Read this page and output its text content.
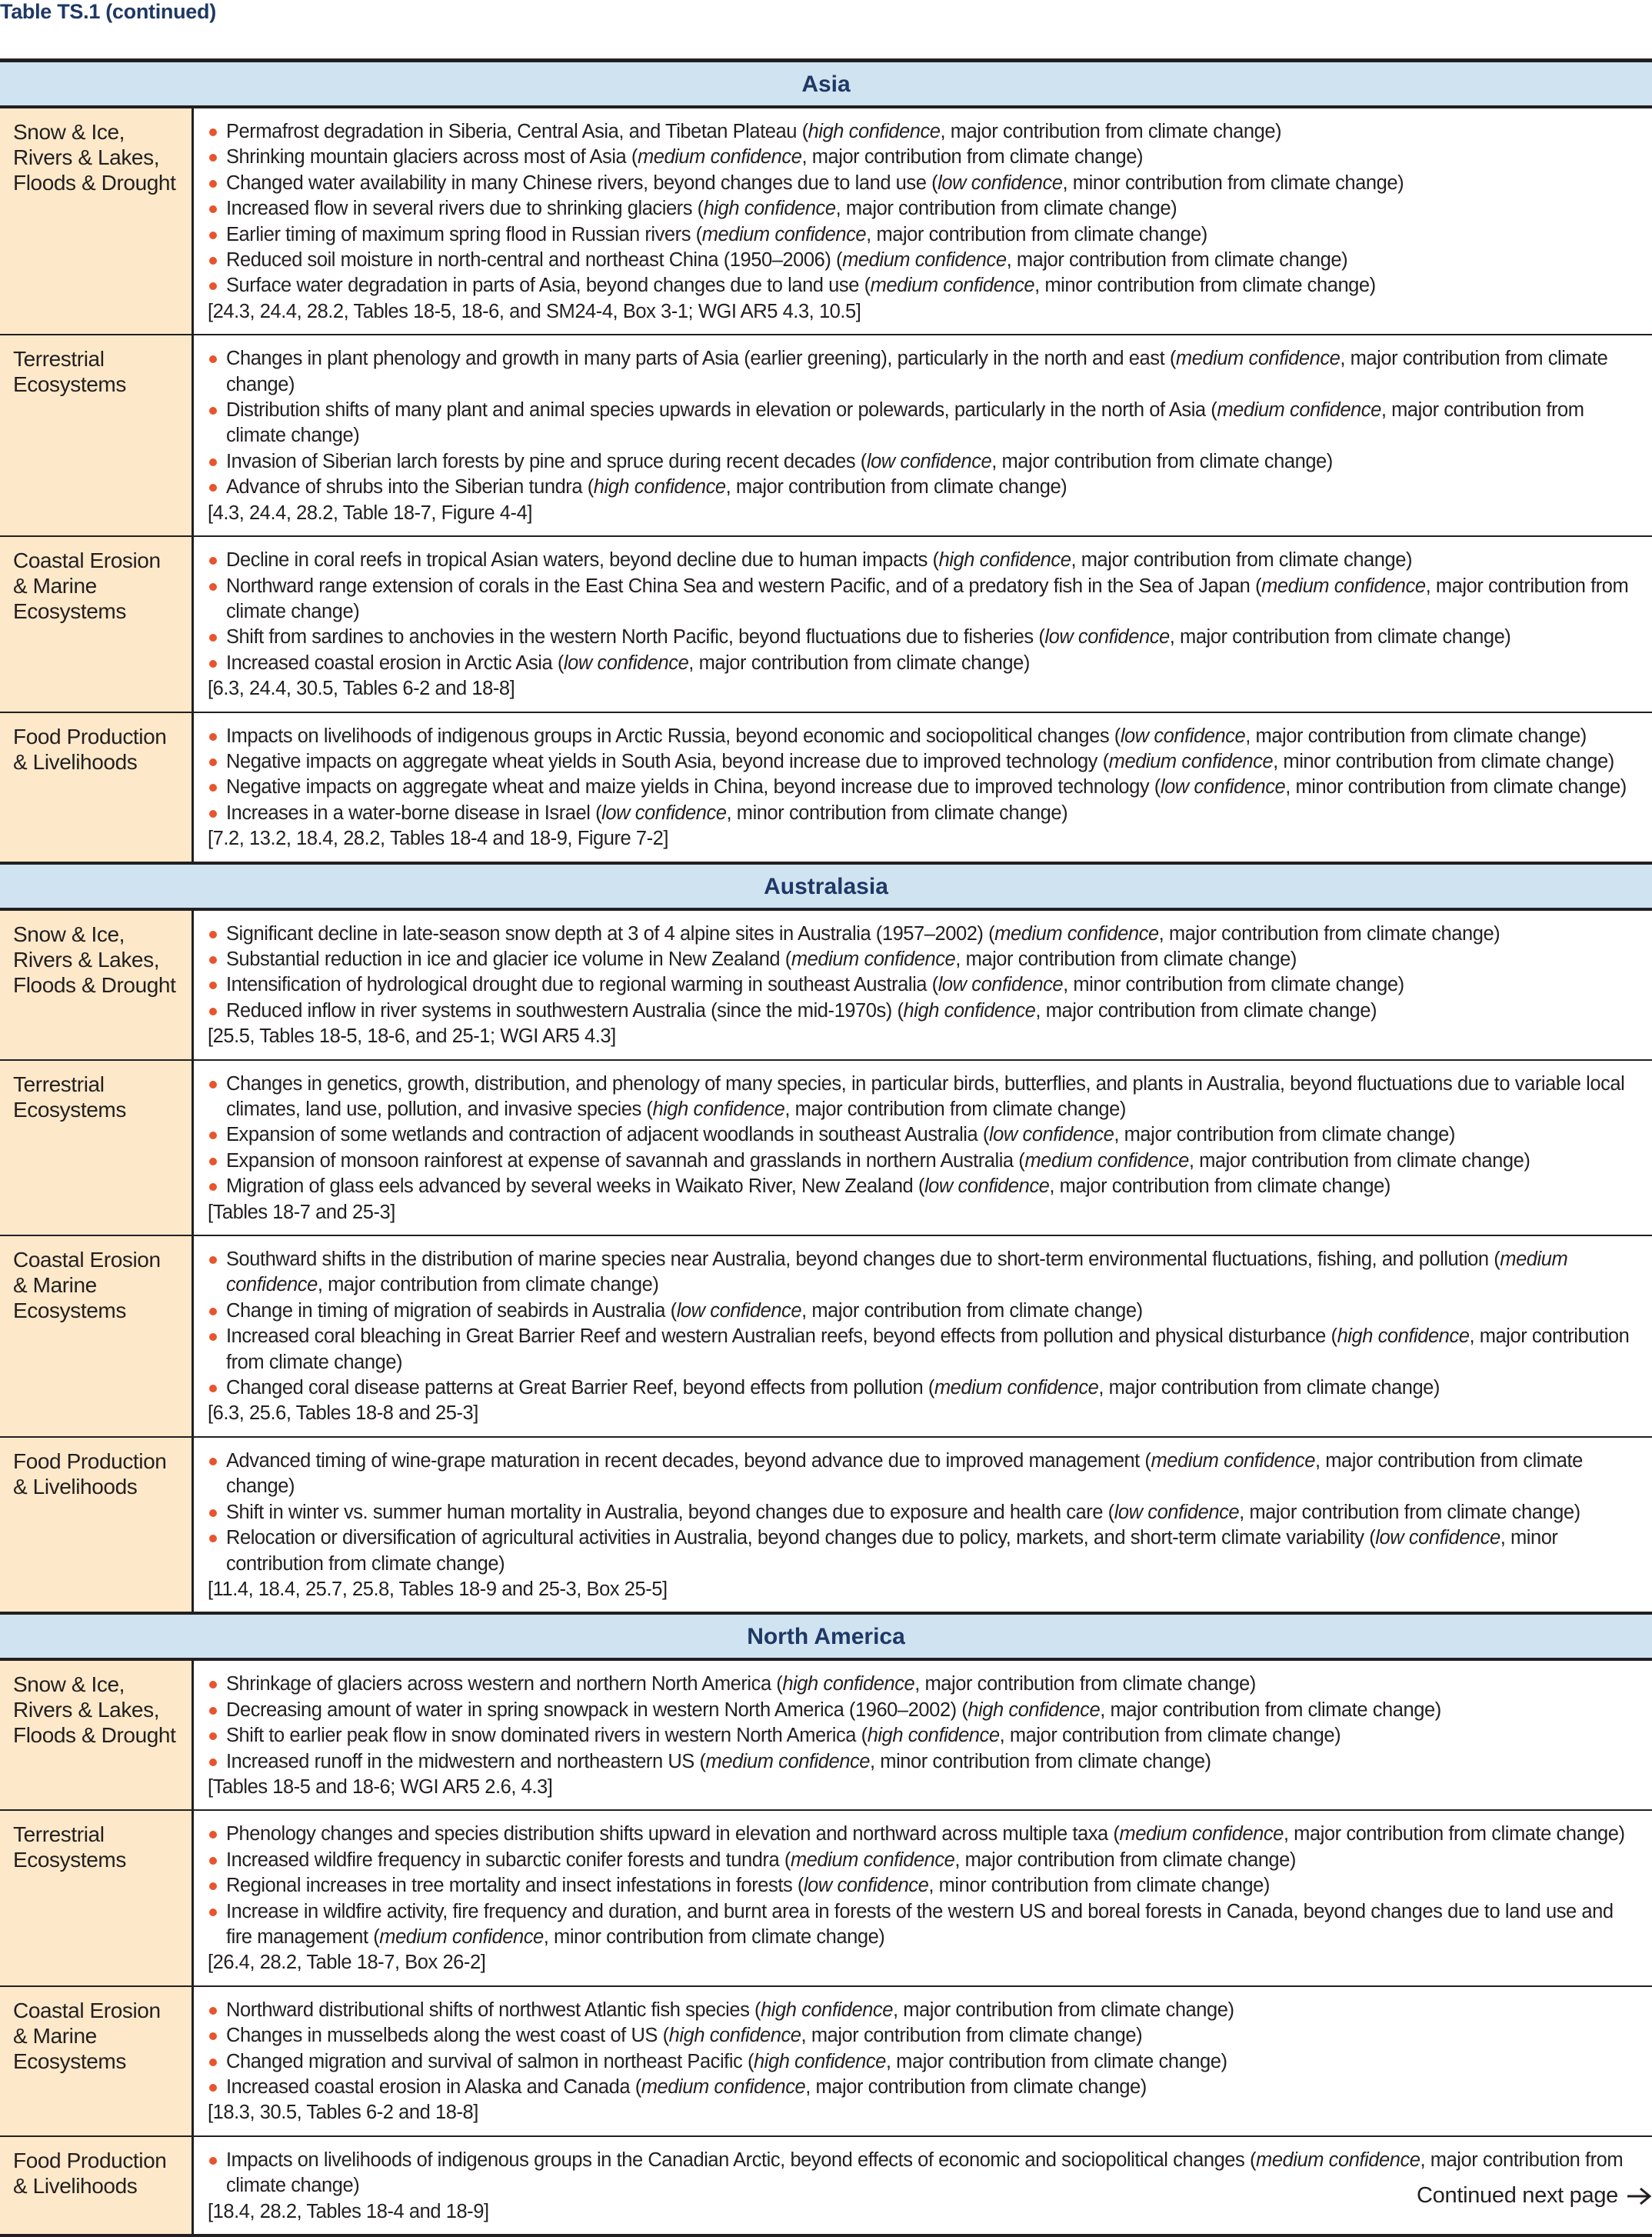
Table TS.1 (continued)
Asia
Snow & Ice,
Rivers & Lakes,
Floods & Drought
Permafrost degradation in Siberia, Central Asia, and Tibetan Plateau (high confidence, major contribution from climate change)
Shrinking mountain glaciers across most of Asia (medium confidence, major contribution from climate change)
Changed water availability in many Chinese rivers, beyond changes due to land use (low confidence, minor contribution from climate change)
Increased flow in several rivers due to shrinking glaciers (high confidence, major contribution from climate change)
Earlier timing of maximum spring flood in Russian rivers (medium confidence, major contribution from climate change)
Reduced soil moisture in north-central and northeast China (1950–2006) (medium confidence, major contribution from climate change)
Surface water degradation in parts of Asia, beyond changes due to land use (medium confidence, minor contribution from climate change)
[24.3, 24.4, 28.2, Tables 18-5, 18-6, and SM24-4, Box 3-1; WGI AR5 4.3, 10.5]
Terrestrial
Ecosystems
Changes in plant phenology and growth in many parts of Asia (earlier greening), particularly in the north and east (medium confidence, major contribution from climate change)
Distribution shifts of many plant and animal species upwards in elevation or polewards, particularly in the north of Asia (medium confidence, major contribution from climate change)
Invasion of Siberian larch forests by pine and spruce during recent decades (low confidence, major contribution from climate change)
Advance of shrubs into the Siberian tundra (high confidence, major contribution from climate change)
[4.3, 24.4, 28.2, Table 18-7, Figure 4-4]
Coastal Erosion
& Marine
Ecosystems
Decline in coral reefs in tropical Asian waters, beyond decline due to human impacts (high confidence, major contribution from climate change)
Northward range extension of corals in the East China Sea and western Pacific, and of a predatory fish in the Sea of Japan (medium confidence, major contribution from climate change)
Shift from sardines to anchovies in the western North Pacific, beyond fluctuations due to fisheries (low confidence, major contribution from climate change)
Increased coastal erosion in Arctic Asia (low confidence, major contribution from climate change)
[6.3, 24.4, 30.5, Tables 6-2 and 18-8]
Food Production
& Livelihoods
Impacts on livelihoods of indigenous groups in Arctic Russia, beyond economic and sociopolitical changes (low confidence, major contribution from climate change)
Negative impacts on aggregate wheat yields in South Asia, beyond increase due to improved technology (medium confidence, minor contribution from climate change)
Negative impacts on aggregate wheat and maize yields in China, beyond increase due to improved technology (low confidence, minor contribution from climate change)
Increases in a water-borne disease in Israel (low confidence, minor contribution from climate change)
[7.2, 13.2, 18.4, 28.2, Tables 18-4 and 18-9, Figure 7-2]
Australasia
Snow & Ice,
Rivers & Lakes,
Floods & Drought
Significant decline in late-season snow depth at 3 of 4 alpine sites in Australia (1957–2002) (medium confidence, major contribution from climate change)
Substantial reduction in ice and glacier ice volume in New Zealand (medium confidence, major contribution from climate change)
Intensification of hydrological drought due to regional warming in southeast Australia (low confidence, minor contribution from climate change)
Reduced inflow in river systems in southwestern Australia (since the mid-1970s) (high confidence, major contribution from climate change)
[25.5, Tables 18-5, 18-6, and 25-1; WGI AR5 4.3]
Terrestrial
Ecosystems
Changes in genetics, growth, distribution, and phenology of many species, in particular birds, butterflies, and plants in Australia, beyond fluctuations due to variable local climates, land use, pollution, and invasive species (high confidence, major contribution from climate change)
Expansion of some wetlands and contraction of adjacent woodlands in southeast Australia (low confidence, major contribution from climate change)
Expansion of monsoon rainforest at expense of savannah and grasslands in northern Australia (medium confidence, major contribution from climate change)
Migration of glass eels advanced by several weeks in Waikato River, New Zealand (low confidence, major contribution from climate change)
[Tables 18-7 and 25-3]
Coastal Erosion
& Marine
Ecosystems
Southward shifts in the distribution of marine species near Australia, beyond changes due to short-term environmental fluctuations, fishing, and pollution (medium confidence, major contribution from climate change)
Change in timing of migration of seabirds in Australia (low confidence, major contribution from climate change)
Increased coral bleaching in Great Barrier Reef and western Australian reefs, beyond effects from pollution and physical disturbance (high confidence, major contribution from climate change)
Changed coral disease patterns at Great Barrier Reef, beyond effects from pollution (medium confidence, major contribution from climate change)
[6.3, 25.6, Tables 18-8 and 25-3]
Food Production
& Livelihoods
Advanced timing of wine-grape maturation in recent decades, beyond advance due to improved management (medium confidence, major contribution from climate change)
Shift in winter vs. summer human mortality in Australia, beyond changes due to exposure and health care (low confidence, major contribution from climate change)
Relocation or diversification of agricultural activities in Australia, beyond changes due to policy, markets, and short-term climate variability (low confidence, minor contribution from climate change)
[11.4, 18.4, 25.7, 25.8, Tables 18-9 and 25-3, Box 25-5]
North America
Snow & Ice,
Rivers & Lakes,
Floods & Drought
Shrinkage of glaciers across western and northern North America (high confidence, major contribution from climate change)
Decreasing amount of water in spring snowpack in western North America (1960–2002) (high confidence, major contribution from climate change)
Shift to earlier peak flow in snow dominated rivers in western North America (high confidence, major contribution from climate change)
Increased runoff in the midwestern and northeastern US (medium confidence, minor contribution from climate change)
[Tables 18-5 and 18-6; WGI AR5 2.6, 4.3]
Terrestrial
Ecosystems
Phenology changes and species distribution shifts upward in elevation and northward across multiple taxa (medium confidence, major contribution from climate change)
Increased wildfire frequency in subarctic conifer forests and tundra (medium confidence, major contribution from climate change)
Regional increases in tree mortality and insect infestations in forests (low confidence, minor contribution from climate change)
Increase in wildfire activity, fire frequency and duration, and burnt area in forests of the western US and boreal forests in Canada, beyond changes due to land use and fire management (medium confidence, minor contribution from climate change)
[26.4, 28.2, Table 18-7, Box 26-2]
Coastal Erosion
& Marine
Ecosystems
Northward distributional shifts of northwest Atlantic fish species (high confidence, major contribution from climate change)
Changes in musselbeds along the west coast of US (high confidence, major contribution from climate change)
Changed migration and survival of salmon in northeast Pacific (high confidence, major contribution from climate change)
Increased coastal erosion in Alaska and Canada (medium confidence, major contribution from climate change)
[18.3, 30.5, Tables 6-2 and 18-8]
Food Production
& Livelihoods
Impacts on livelihoods of indigenous groups in the Canadian Arctic, beyond effects of economic and sociopolitical changes (medium confidence, major contribution from climate change)
[18.4, 28.2, Tables 18-4 and 18-9]
Continued next page
